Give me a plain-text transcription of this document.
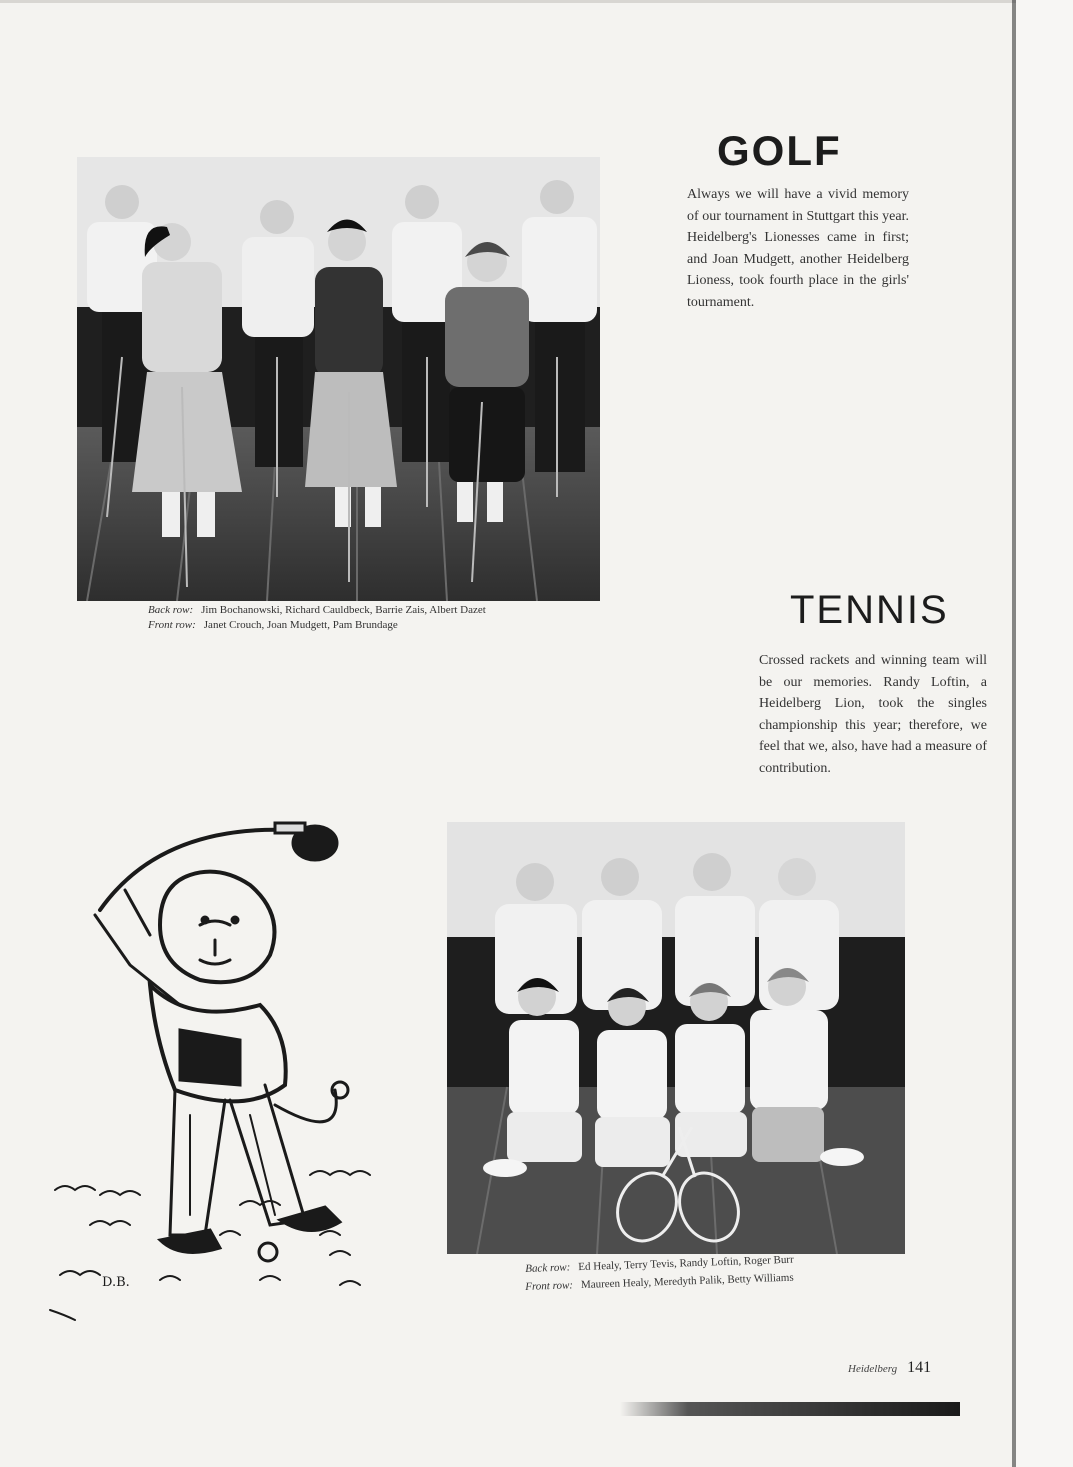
Back row: Jim Bochanowski, Richard Cauldbeck, Barrie Zais, Albert Dazet
Front row: Janet Crouch, Joan Mudgett, Pam Brundage
GOLF

Always we will have a vivid memory of our tournament in Stuttgart this year. Heidelberg's Lionesses came in first; and Joan Mudgett, another Heidelberg Lioness, took fourth place in the girls' tournament.

TENNIS

Crossed rackets and winning team will be our memories. Randy Loftin, a Heidelberg Lion, took the singles championship this year; therefore, we feel that we, also, have had a measure of contribution.

D.B.
Back row: Ed Healy, Terry Tevis, Randy Loftin, Roger Burr
Front row: Maureen Healy, Meredyth Palik, Betty Williams
Heidelberg 141
